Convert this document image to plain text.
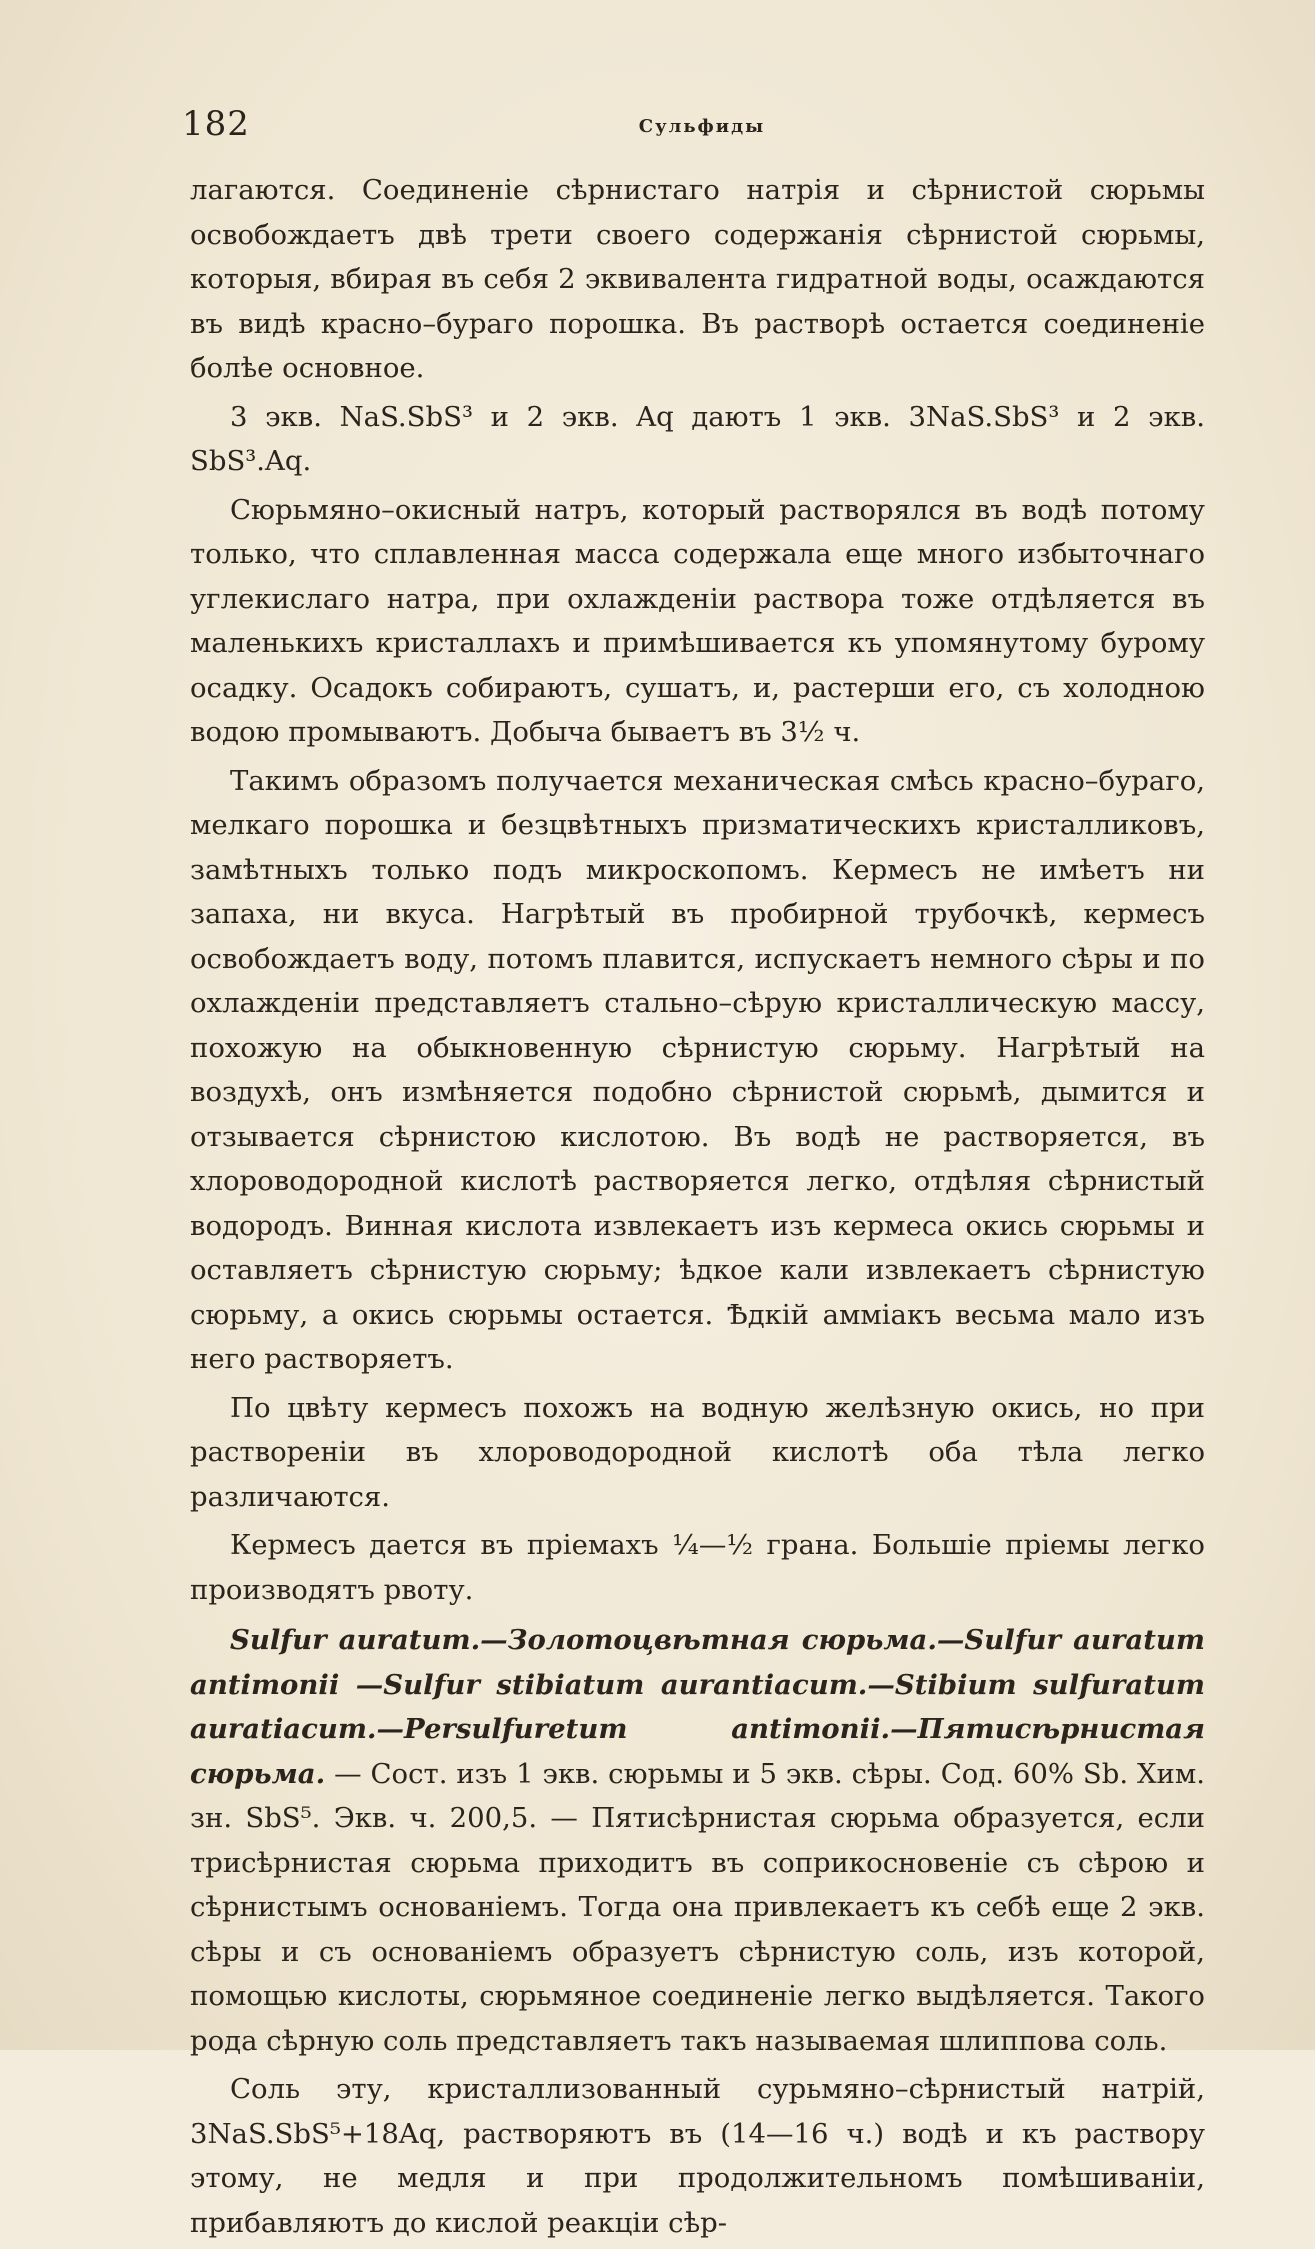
182	Сульфиды

лагаются. Соединеніе сѣрнистаго натрія и сѣрнистой сюрьмы освобождаетъ двѣ трети своего содержанія сѣрнистой сюрьмы, которыя, вбирая въ себя 2 эквивалента гидратной воды, осаждаются въ видѣ красно–бураго порошка. Въ растворѣ остается соединеніе болѣе основное.

3 экв. NaS.SbS³ и 2 экв. Aq даютъ 1 экв. 3NaS.SbS³ и 2 экв. SbS³.Aq.

Сюрьмяно–окисный натръ, который растворялся въ водѣ потому только, что сплавленная масса содержала еще много избыточнаго углекислаго натра, при охлажденіи раствора тоже отдѣляется въ маленькихъ кристаллахъ и примѣшивается къ упомянутому бурому осадку. Осадокъ собираютъ, сушатъ, и, растерши его, съ холодною водою промываютъ. Добыча бываетъ въ 3½ ч.

Такимъ образомъ получается механическая смѣсь красно–бураго, мелкаго порошка и безцвѣтныхъ призматическихъ кристалликовъ, замѣтныхъ только подъ микроскопомъ. Кермесъ не имѣетъ ни запаха, ни вкуса. Нагрѣтый въ пробирной трубочкѣ, кермесъ освобождаетъ воду, потомъ плавится, испускаетъ немного сѣры и по охлажденіи представляетъ стально–сѣрую кристаллическую массу, похожую на обыкновенную сѣрнистую сюрьму. Нагрѣтый на воздухѣ, онъ измѣняется подобно сѣрнистой сюрьмѣ, дымится и отзывается сѣрнистою кислотою. Въ водѣ не растворяется, въ хлороводородной кислотѣ растворяется легко, отдѣляя сѣрнистый водородъ. Винная кислота извлекаетъ изъ кермеса окись сюрьмы и оставляетъ сѣрнистую сюрьму; ѣдкое кали извлекаетъ сѣрнистую сюрьму, а окись сюрьмы остается. Ѣдкій аммiакъ весьма мало изъ него растворяетъ.

По цвѣту кермесъ похожъ на водную желѣзную окись, но при раствореніи въ хлороводородной кислотѣ оба тѣла легко различаются.

Кермесъ дается въ пріемахъ ¼—½ грана. Большіе пріемы легко производятъ рвоту.

Sulfur auratum.—Золотоцвѣтная сюрьма.—Sulfur auratum antimonii —Sulfur stibiatum aurantiacum.—Stibium sulfuratum auratiacum.—Persulfuretum antimonii.—Пятисѣрнистая сюрьма. — Сост. изъ 1 экв. сюрьмы и 5 экв. сѣры. Сод. 60% Sb. Хим. зн. SbS⁵. Экв. ч. 200,5. — Пятисѣрнистая сюрьма образуется, если трисѣрнистая сюрьма приходитъ въ соприкосновеніе съ сѣрою и сѣрнистымъ основаніемъ. Тогда она привлекаетъ къ себѣ еще 2 экв. сѣры и съ основаніемъ образуетъ сѣрнистую соль, изъ которой, помощью кислоты, сюрьмяное соединеніе легко выдѣляется. Такого рода сѣрную соль представляетъ такъ называемая шлиппова соль.

Соль эту, кристаллизованный сурьмяно–сѣрнистый натрій, 3NaS.SbS⁵+18Aq, растворяютъ въ (14—16 ч.) водѣ и къ раствору этому, не медля и при продолжительномъ помѣшиваніи, прибавляютъ до кислой реакціи сѣр-
